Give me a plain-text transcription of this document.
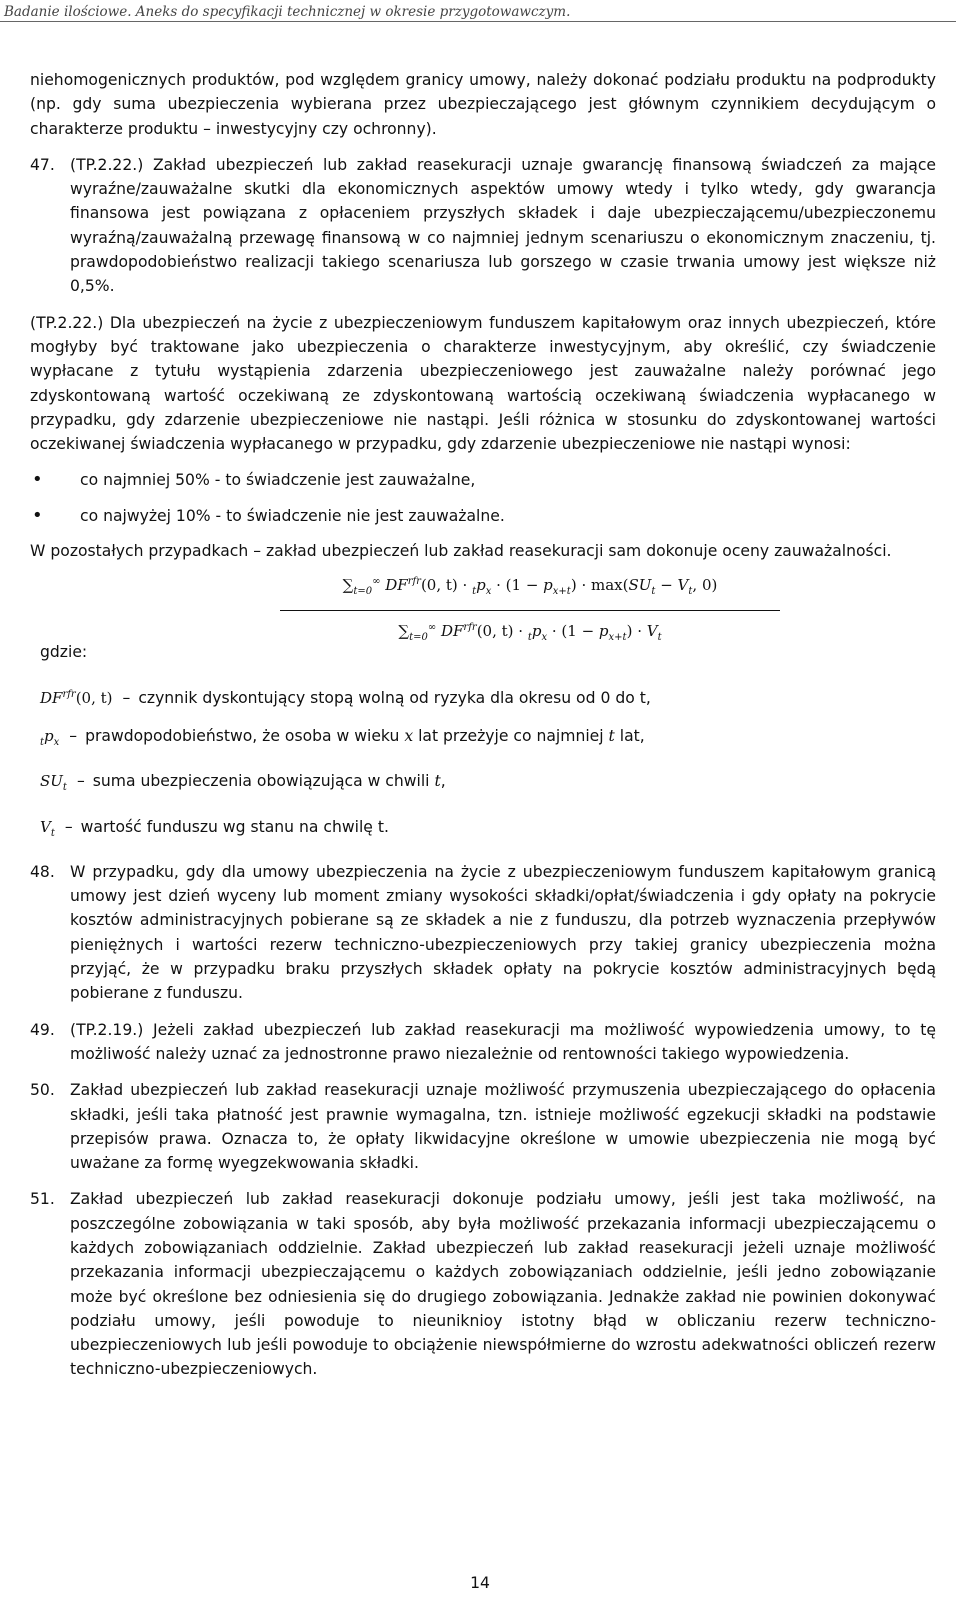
Badanie ilościowe. Aneks do specyfikacji technicznej w okresie przygotowawczym.

niehomogenicznych produktów, pod względem granicy umowy, należy dokonać podziału produktu na podprodukty (np. gdy suma ubezpieczenia wybierana przez ubezpieczającego jest głównym czynnikiem decydującym o charakterze produktu – inwestycyjny czy ochronny).

47. (TP.2.22.) Zakład ubezpieczeń lub zakład reasekuracji uznaje gwarancję finansową świadczeń za mające wyraźne/zauważalne skutki dla ekonomicznych aspektów umowy wtedy i tylko wtedy, gdy gwarancja finansowa jest powiązana z opłaceniem przyszłych składek i daje ubezpieczającemu/ubezpieczonemu wyraźną/zauważalną przewagę finansową w co najmniej jednym scenariuszu o ekonomicznym znaczeniu, tj. prawdopodobieństwo realizacji takiego scenariusza lub gorszego w czasie trwania umowy jest większe niż 0,5%.

(TP.2.22.) Dla ubezpieczeń na życie z ubezpieczeniowym funduszem kapitałowym oraz innych ubezpieczeń, które mogłyby być traktowane jako ubezpieczenia o charakterze inwestycyjnym, aby określić, czy świadczenie wypłacane z tytułu wystąpienia zdarzenia ubezpieczeniowego jest zauważalne należy porównać jego zdyskontowaną wartość oczekiwaną ze zdyskontowaną wartością oczekiwaną świadczenia wypłacanego w przypadku, gdy zdarzenie ubezpieczeniowe nie nastąpi. Jeśli różnica w stosunku do zdyskontowanej wartości oczekiwanej świadczenia wypłacanego w przypadku, gdy zdarzenie ubezpieczeniowe nie nastąpi wynosi:

•	co najmniej 50% - to świadczenie jest zauważalne,
•	co najwyżej 10% - to świadczenie nie jest zauważalne.

W pozostałych przypadkach – zakład ubezpieczeń lub zakład reasekuracji sam dokonuje oceny zauważalności.

$\sum_{t=0}^\infty$ $DF^{rfr}(0$, $t) \cdot _tp_x \cdot (1 - p_{x+t}) \cdot \max(SU_t - V_t$, 0)
$\sum_{t=0}^\infty$ $DF^{rfr}(0$, $t) \cdot _tp_x \cdot (1 - p_{x+t}) \cdot V_t$
gdzie:
$DF^{rfr}(0$, t) – czynnik dyskontujący stopą wolną od ryzyka dla okresu od 0 do t,
$_tp_x$ – prawdopodobieństwo, że osoba w wieku x lat przeżyje co najmniej t lat,
$SU_t$ – suma ubezpieczenia obowiązująca w chwili t,
$V_t$ – wartość funduszu wg stanu na chwilę t.
48. W przypadku, gdy dla umowy ubezpieczenia na życie z ubezpieczeniowym funduszem kapitałowym granicą umowy jest dzień wyceny lub moment zmiany wysokości składki/opłat/świadczenia i gdy opłaty na pokrycie kosztów administracyjnych pobierane są ze składek a nie z funduszu, dla potrzeb wyznaczenia przepływów pieniężnych i wartości rezerw techniczno-ubezpieczeniowych przy takiej granicy ubezpieczenia można przyjąć, że w przypadku braku przyszłych składek opłaty na pokrycie kosztów administracyjnych będą pobierane z funduszu.
49. (TP.2.19.) Jeżeli zakład ubezpieczeń lub zakład reasekuracji ma możliwość wypowiedzenia umowy, to tę możliwość należy uznać za jednostronne prawo niezależnie od rentowności takiego wypowiedzenia.
50. Zakład ubezpieczeń lub zakład reasekuracji uznaje możliwość przymuszenia ubezpieczającego do opłacenia składki, jeśli taka płatność jest prawnie wymagalna, tzn. istnieje możliwość egzekucji składki na podstawie przepisów prawa. Oznacza to, że opłaty likwidacyjne określone w umowie ubezpieczenia nie mogą być uważane za formę wyegzekwowania składki.
51. Zakład ubezpieczeń lub zakład reasekuracji dokonuje podziału umowy, jeśli jest taka możliwość, na poszczególne zobowiązania w taki sposób, aby była możliwość przekazania informacji ubezpieczającemu o każdych zobowiązaniach oddzielnie. Zakład ubezpieczeń lub zakład reasekuracji jeżeli uznaje możliwość przekazania informacji ubezpieczającemu o każdych zobowiązaniach oddzielnie, jeśli jedno zobowiązanie może być określone bez odniesienia się do drugiego zobowiązania. Jednakże zakład nie powinien dokonywać podziału umowy, jeśli powoduje to nieuniknioy istotny błąd w obliczaniu rezerw techniczno-ubezpieczeniowych lub jeśli powoduje to obciążenie niewspółmierne do wzrostu adekwatności obliczeń rezerw techniczno-ubezpieczeniowych.
14
